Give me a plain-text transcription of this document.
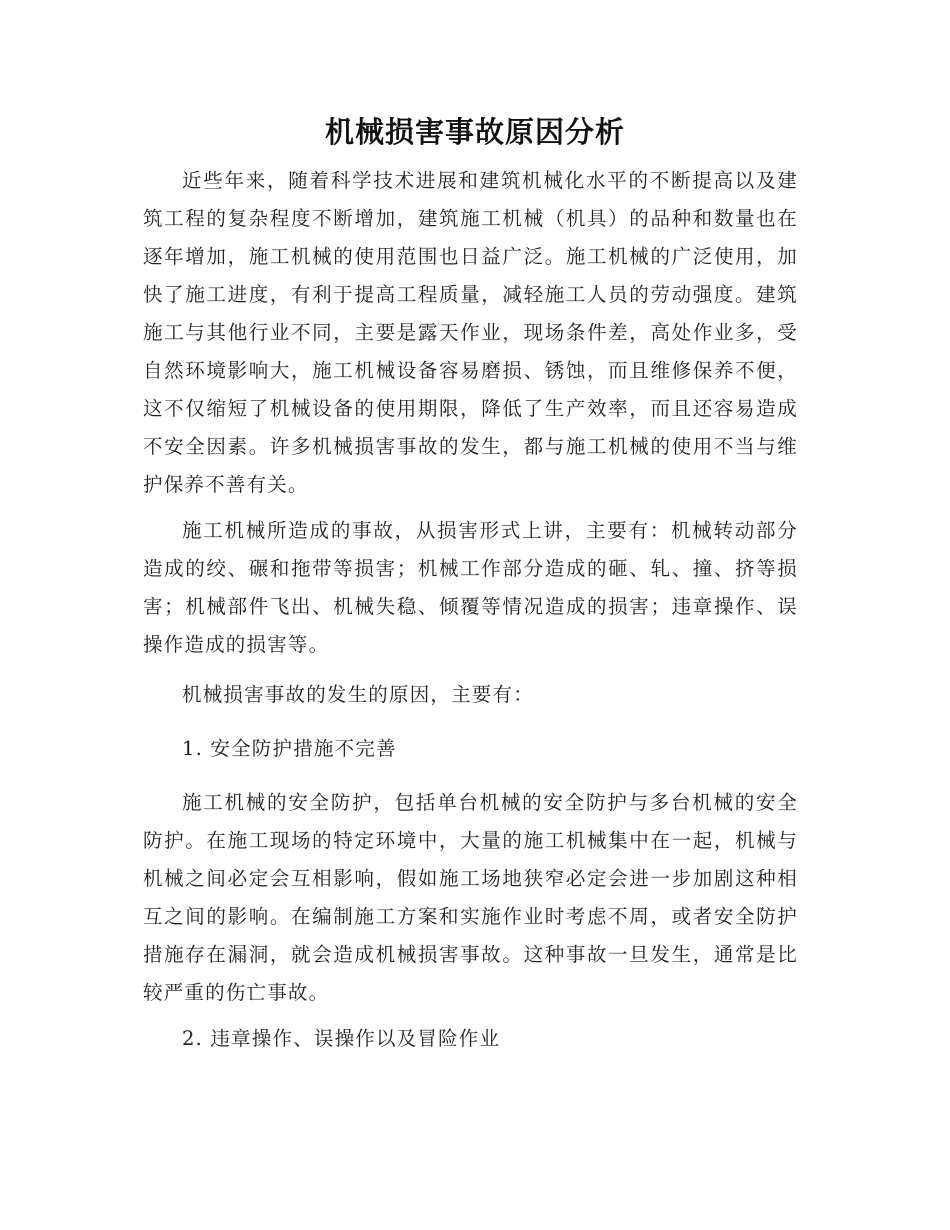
机械损害事故原因分析

近些年来，随着科学技术进展和建筑机械化水平的不断提高以及建筑工程的复杂程度不断增加，建筑施工机械（机具）的品种和数量也在逐年增加，施工机械的使用范围也日益广泛。施工机械的广泛使用，加快了施工进度，有利于提高工程质量，减轻施工人员的劳动强度。建筑施工与其他行业不同，主要是露天作业，现场条件差，高处作业多，受自然环境影响大，施工机械设备容易磨损、锈蚀，而且维修保养不便，这不仅缩短了机械设备的使用期限，降低了生产效率，而且还容易造成不安全因素。许多机械损害事故的发生，都与施工机械的使用不当与维护保养不善有关。

施工机械所造成的事故，从损害形式上讲，主要有：机械转动部分造成的绞、碾和拖带等损害；机械工作部分造成的砸、轧、撞、挤等损害；机械部件飞出、机械失稳、倾覆等情况造成的损害；违章操作、误操作造成的损害等。

机械损害事故的发生的原因，主要有：

1. 安全防护措施不完善

施工机械的安全防护，包括单台机械的安全防护与多台机械的安全防护。在施工现场的特定环境中，大量的施工机械集中在一起，机械与机械之间必定会互相影响，假如施工场地狭窄必定会进一步加剧这种相互之间的影响。在编制施工方案和实施作业时考虑不周，或者安全防护措施存在漏洞，就会造成机械损害事故。这种事故一旦发生，通常是比较严重的伤亡事故。

2. 违章操作、误操作以及冒险作业
